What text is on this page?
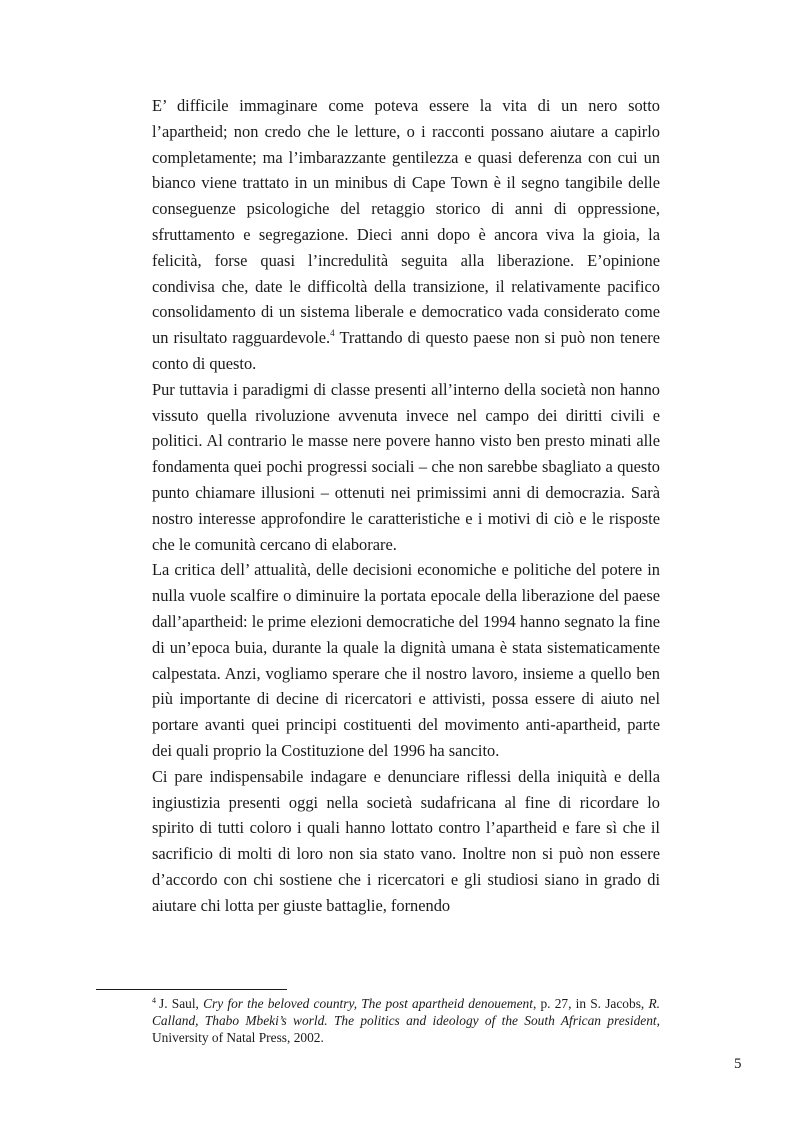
E’ difficile immaginare come poteva essere la vita di un nero sotto l’apartheid; non credo che le letture, o i racconti possano aiutare a capirlo completamente; ma l’imbarazzante gentilezza e quasi deferenza con cui un bianco viene trattato in un minibus di Cape Town è il segno tangibile delle conseguenze psicologiche del retaggio storico di anni di oppressione, sfruttamento e segregazione. Dieci anni dopo è ancora viva la gioia, la felicità, forse quasi l’incredulità seguita alla liberazione. E’opinione condivisa che, date le difficoltà della transizione, il relativamente pacifico consolidamento di un sistema liberale e democratico vada considerato come un risultato ragguardevole.$^4$ Trattando di questo paese non si può non tenere conto di questo.

Pur tuttavia i paradigmi di classe presenti all’interno della società non hanno vissuto quella rivoluzione avvenuta invece nel campo dei diritti civili e politici. Al contrario le masse nere povere hanno visto ben presto minati alle fondamenta quei pochi progressi sociali – che non sarebbe sbagliato a questo punto chiamare illusioni – ottenuti nei primissimi anni di democrazia. Sarà nostro interesse approfondire le caratteristiche e i motivi di ciò e le risposte che le comunità cercano di elaborare.

La critica dell’ attualità, delle decisioni economiche e politiche del potere in nulla vuole scalfire o diminuire la portata epocale della liberazione del paese dall’apartheid: le prime elezioni democratiche del 1994 hanno segnato la fine di un’epoca buia, durante la quale la dignità umana è stata sistematicamente calpestata. Anzi, vogliamo sperare che il nostro lavoro, insieme a quello ben più importante di decine di ricercatori e attivisti, possa essere di aiuto nel portare avanti quei principi costituenti del movimento anti-apartheid, parte dei quali proprio la Costituzione del 1996 ha sancito.

Ci pare indispensabile indagare e denunciare riflessi della iniquità e della ingiustizia presenti oggi nella società sudafricana al fine di ricordare lo spirito di tutti coloro i quali hanno lottato contro l’apartheid e fare sì che il sacrificio di molti di loro non sia stato vano. Inoltre non si può non essere d’accordo con chi sostiene che i ricercatori e gli studiosi siano in grado di aiutare chi lotta per giuste battaglie, fornendo

$^4$ J. Saul, Cry for the beloved country, The post apartheid denouement, p. 27, in S. Jacobs, R. Calland, Thabo Mbeki’s world. The politics and ideology of the South African president, University of Natal Press, 2002.
5
